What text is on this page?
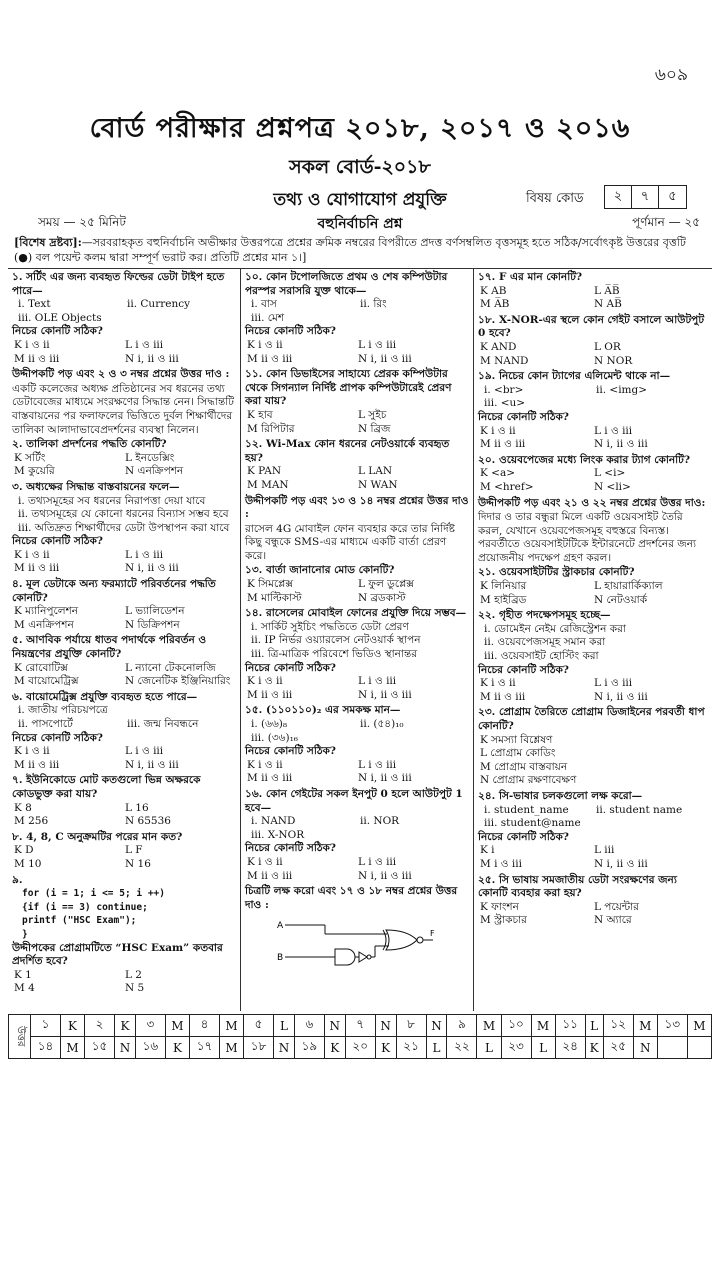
৬০৯
বোর্ড পরীক্ষার প্রশ্নপত্র ২০১৮, ২০১৭ ও ২০১৬
সকল বোর্ড-২০১৮
তথ্য ও যোগাযোগ প্রযুক্তি	বিষয় কোড	২	৭	৫
সময় — ২৫ মিনিট	বহুনির্বাচনি প্রশ্ন	পূর্ণমান — ২৫
[বিশেষ দ্রষ্টব্য]:—সরবরাহকৃত বহুনির্বাচনি অভীক্ষার উত্তরপত্রে প্রশ্নের ক্রমিক নম্বরের বিপরীতে প্রদত্ত বর্ণসম্বলিত বৃত্তসমূহ হতে সঠিক/সর্বোৎকৃষ্ট উত্তরের বৃত্তটি (●) বল পয়েন্ট কলম দ্বারা সম্পূর্ণ ভরাট কর। প্রতিটি প্রশ্নের মান ১।]
১. সর্টিং এর জন্য ব্যবহৃত ফিল্ডের ডেটা টাইপ হতে পারে—
i. Text	ii. Currency
iii. OLE Objects
নিচের কোনটি সঠিক?
K i ও ii	L i ও iii
M ii ও iii	N i, ii ও iii
উদ্দীপকটি পড় এবং ২ ও ৩ নম্বর প্রশ্নের উত্তর দাও :
একটি কলেজের অধ্যক্ষ প্রতিষ্ঠানের সব ধরনের তথ্য ডেটাবেজের মাধ্যমে সংরক্ষণের সিদ্ধান্ত নেন। সিদ্ধান্তটি বাস্তবায়নের পর ফলাফলের ভিত্তিতে দুর্বল শিক্ষার্থীদের তালিকা আলাদাভাবেপ্রদর্শনের ব্যবস্থা নিলেন।
২. তালিকা প্রদর্শনের পদ্ধতি কোনটি?
K সর্টিং	L ইনডেক্সিং
M কুয়েরি	N এনক্রিপশন
৩. অধ্যক্ষের সিদ্ধান্ত বাস্তবায়নের ফলে—
i. তথ্যসমূহের সব ধরনের নিরাপত্তা দেয়া যাবে
ii. তথ্যসমূহের যে কোনো ধরনের বিন্যাস সম্ভব হবে
iii. অতিদ্রুত শিক্ষার্থীদের ডেটা উপস্থাপন করা যাবে
নিচের কোনটি সঠিক?
K i ও ii	L i ও iii
M ii ও iii	N i, ii ও iii
৪. মূল ডেটাকে অন্য ফরম্যাটে পরিবর্তনের পদ্ধতি কোনটি?
K ম্যানিপুলেশন	L ভ্যালিডেশন
M এনক্রিপশন	N ডিক্রিপশন
৫. আণবিক পর্যায়ে ধাতব পদার্থকে পরিবর্তন ও নিয়ন্ত্রণের প্রযুক্তি কোনটি?
K রোবোটিক্স	L ন্যানো টেকনোলজি
M বায়োমেট্রিক্স	N জেনেটিক ইঞ্জিনিয়ারিং
৬. বায়োমেট্রিক্স প্রযুক্তি ব্যবহৃত হতে পারে—
i. জাতীয় পরিচয়পত্রে
ii. পাসপোর্টে	iii. জন্ম নিবন্ধনে
নিচের কোনটি সঠিক?
K i ও ii	L i ও iii
M ii ও iii	N i, ii ও iii
৭. ইউনিকোডে মোট কতগুলো ভিন্ন অক্ষরকে কোডভুক্ত করা যায়?
K 8	L 16
M 256	N 65536
৮. 4, 8, C অনুক্রমটির পরের মান কত?
K D	L F
M 10	N 16
৯.
for (i = 1; i <= 5; i ++)
{if (i == 3) continue;
printf ("HSC Exam");
}
উদ্দীপকের প্রোগ্রামটিতে “HSC Exam” কতবার প্রদর্শিত হবে?
K 1	L 2
M 4	N 5
১০. কোন টপোলজিতে প্রথম ও শেষ কম্পিউটার পরস্পর সরাসরি যুক্ত থাকে—
i. বাস	ii. রিং
iii. মেশ
নিচের কোনটি সঠিক?
K i ও ii	L i ও iii
M ii ও iii	N i, ii ও iii
১১. কোন ডিভাইসের সাহায্যে প্রেরক কম্পিউটার থেকে সিগন্যাল নির্দিষ্ট প্রাপক কম্পিউটারেই প্রেরণ করা যায়?
K হাব	L সুইচ
M রিপিটার	N ব্রিজ
১২. Wi-Max কোন ধরনের নেটওয়ার্কে ব্যবহৃত হয়?
K PAN	L LAN
M MAN	N WAN
উদ্দীপকটি পড় এবং ১৩ ও ১৪ নম্বর প্রশ্নের উত্তর দাও :
রাসেল 4G মোবাইল ফোন ব্যবহার করে তার নির্দিষ্ট কিছু বন্ধুকে SMS-এর মাধ্যমে একটি বার্তা প্রেরণ করে।
১৩. বার্তা জানানোর মোড কোনটি?
K সিমপ্লেক্স	L ফুল ডুপ্লেক্স
M মাল্টিকাস্ট	N ব্রডকাস্ট
১৪. রাসেলের মোবাইল ফোনের প্রযুক্তি দিয়ে সম্ভব—
i. সার্কিট সুইচিং পদ্ধতিতে ডেটা প্রেরণ
ii. IP নির্ভর ওয়্যারলেস নেটওয়ার্ক স্থাপন
iii. ত্রি-মাত্রিক পরিবেশে ভিডিও স্থানান্তর
নিচের কোনটি সঠিক?
K i ও ii	L i ও iii
M ii ও iii	N i, ii ও iii
১৫. (১১০১১০)₂ এর সমকক্ষ মান—
i. (৬৬)₈	ii. (৫৪)₁₀
iii. (৩৬)₁₆
নিচের কোনটি সঠিক?
K i ও ii	L i ও iii
M ii ও iii	N i, ii ও iii
১৬. কোন গেইটের সকল ইনপুট 0 হলে আউটপুট 1 হবে—
i. NAND	ii. NOR
iii. X-NOR
নিচের কোনটি সঠিক?
K i ও ii	L i ও iii
M ii ও iii	N i, ii ও iii
চিত্রটি লক্ষ করো এবং ১৭ ও ১৮ নম্বর প্রশ্নের উত্তর দাও :
A
B
F
১৭. F এর মান কোনটি?
K AB	L A̅B̅
M A̅B	N AB̅
১৮. X-NOR-এর স্থলে কোন গেইট বসালে আউটপুট 0 হবে?
K AND	L OR
M NAND	N NOR
১৯. নিচের কোন ট্যাগের এলিমেন্ট থাকে না—
i. <br>	ii. <img>
iii. <u>
নিচের কোনটি সঠিক?
K i ও ii	L i ও iii
M ii ও iii	N i, ii ও iii
২০. ওয়েবপেজের মধ্যে লিংক করার ট্যাগ কোনটি?
K <a>	L <i>
M <href>	N <li>
উদ্দীপকটি পড় এবং ২১ ও ২২ নম্বর প্রশ্নের উত্তর দাও:
দিদার ও তার বন্ধুরা মিলে একটি ওয়েবসাইট তৈরি করল, যেখানে ওয়েবপেজসমূহ বহুস্তরে বিন্যস্ত। পরবর্তীতে ওয়েবসাইটটিকে ইন্টারনেটে প্রদর্শনের জন্য প্রয়োজনীয় পদক্ষেপ গ্রহণ করল।
২১. ওয়েবসাইটটির স্ট্রাকচার কোনটি?
K লিনিয়ার	L হায়ারার্কিক্যাল
M হাইব্রিড	N নেটওয়ার্ক
২২. গৃহীত পদক্ষেপসমূহ হচ্ছে—
i. ডোমেইন নেইম রেজিস্ট্রেশন করা
ii. ওয়েবপেজসমূহ সমান করা
iii. ওয়েবসাইট হোস্টিং করা
নিচের কোনটি সঠিক?
K i ও ii	L i ও iii
M ii ও iii	N i, ii ও iii
২৩. প্রোগ্রাম তৈরিতে প্রোগ্রাম ডিজাইনের পরবর্তী ধাপ কোনটি?
K সমস্যা বিশ্লেষণ
L প্রোগ্রাম কোডিং
M প্রোগ্রাম বাস্তবায়ন
N প্রোগ্রাম রক্ষণাবেক্ষণ
২৪. সি-ভাষার চলকগুলো লক্ষ করো—
i. student_name	ii. student name
iii. student@name
নিচের কোনটি সঠিক?
K i	L iii
M i ও iii	N i, ii ও iii
২৫. সি ভাষায় সমজাতীয় ডেটা সংরক্ষণের জন্য কোনটি ব্যবহার করা হয়?
K ফাংশন	L পয়েন্টার
M স্ট্রাকচার	N অ্যারে
উত্তর	১	K	২	K	৩	M	৪	M	৫	L	৬	N	৭	N	৮	N	৯	M	১০	M	১১	L	১২	M	১৩	M
	১৪	M	১৫	N	১৬	K	১৭	M	১৮	N	১৯	K	২০	K	২১	L	২২	L	২৩	L	২৪	K	২৫	N		
